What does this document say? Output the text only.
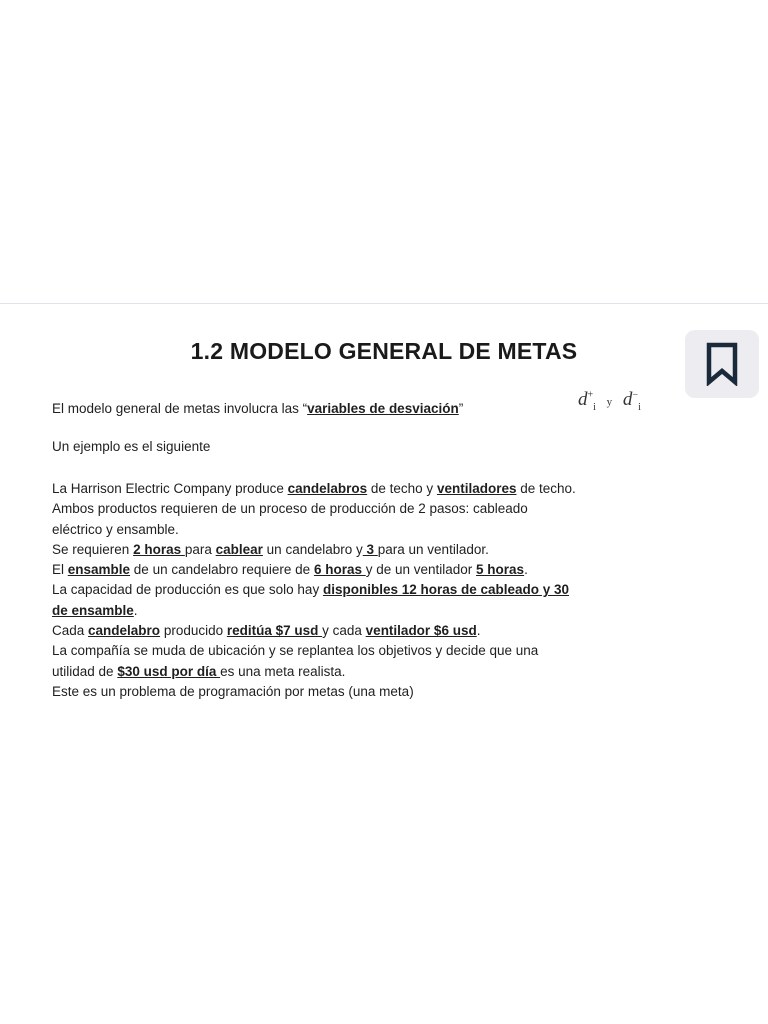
1.2 MODELO GENERAL DE METAS
El modelo general de metas involucra las “variables de desviación”	$d^+_i$ y $d^-_i$
Un ejemplo es el siguiente
La Harrison Electric Company produce candelabros de techo y ventiladores de techo.
Ambos productos requieren de un proceso de producción de 2 pasos: cableado
eléctrico y ensamble.
Se requieren 2 horas para cablear un candelabro y 3 para un ventilador.
El ensamble de un candelabro requiere de 6 horas y de un ventilador 5 horas.
La capacidad de producción es que solo hay disponibles 12 horas de cableado y 30
de ensamble.
Cada candelabro producido reditúa $7 usd y cada ventilador $6 usd.
La compañía se muda de ubicación y se replantea los objetivos y decide que una
utilidad de $30 usd por día es una meta realista.
Este es un problema de programación por metas (una meta)
